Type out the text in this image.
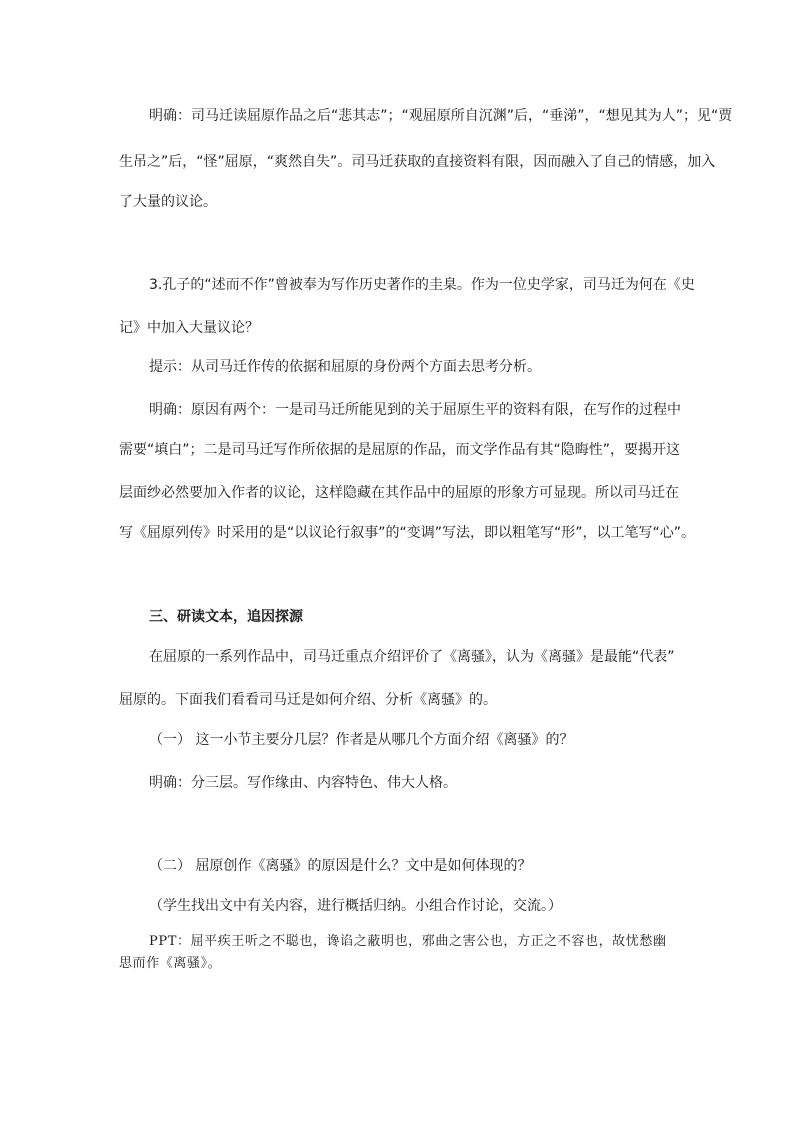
明确：司马迁读屈原作品之后“悲其志”；“观屈原所自沉渊”后，“垂涕”，“想见其为人”；见“贾
生吊之”后，“怪”屈原，“爽然自失”。司马迁获取的直接资料有限，因而融入了自己的情感，加入
了大量的议论。
3.孔子的“述而不作”曾被奉为写作历史著作的圭臬。作为一位史学家，司马迁为何在《史
记》中加入大量议论？
提示：从司马迁作传的依据和屈原的身份两个方面去思考分析。
明确：原因有两个：一是司马迁所能见到的关于屈原生平的资料有限，在写作的过程中
需要“填白”；二是司马迁写作所依据的是屈原的作品，而文学作品有其“隐晦性”，要揭开这
层面纱必然要加入作者的议论，这样隐藏在其作品中的屈原的形象方可显现。所以司马迁在
写《屈原列传》时采用的是“以议论行叙事”的“变调”写法，即以粗笔写“形”，以工笔写“心”。
三、研读文本，追因探源
在屈原的一系列作品中，司马迁重点介绍评价了《离骚》，认为《离骚》是最能“代表”
屈原的。下面我们看看司马迁是如何介绍、分析《离骚》的。
（一） 这一小节主要分几层？作者是从哪几个方面介绍《离骚》的？
明确：分三层。写作缘由、内容特色、伟大人格。
（二） 屈原创作《离骚》的原因是什么？文中是如何体现的？
（学生找出文中有关内容，进行概括归纳。小组合作讨论，交流。）
PPT：屈平疾王听之不聪也，谗谄之蔽明也，邪曲之害公也，方正之不容也，故忧愁幽
思而作《离骚》。
